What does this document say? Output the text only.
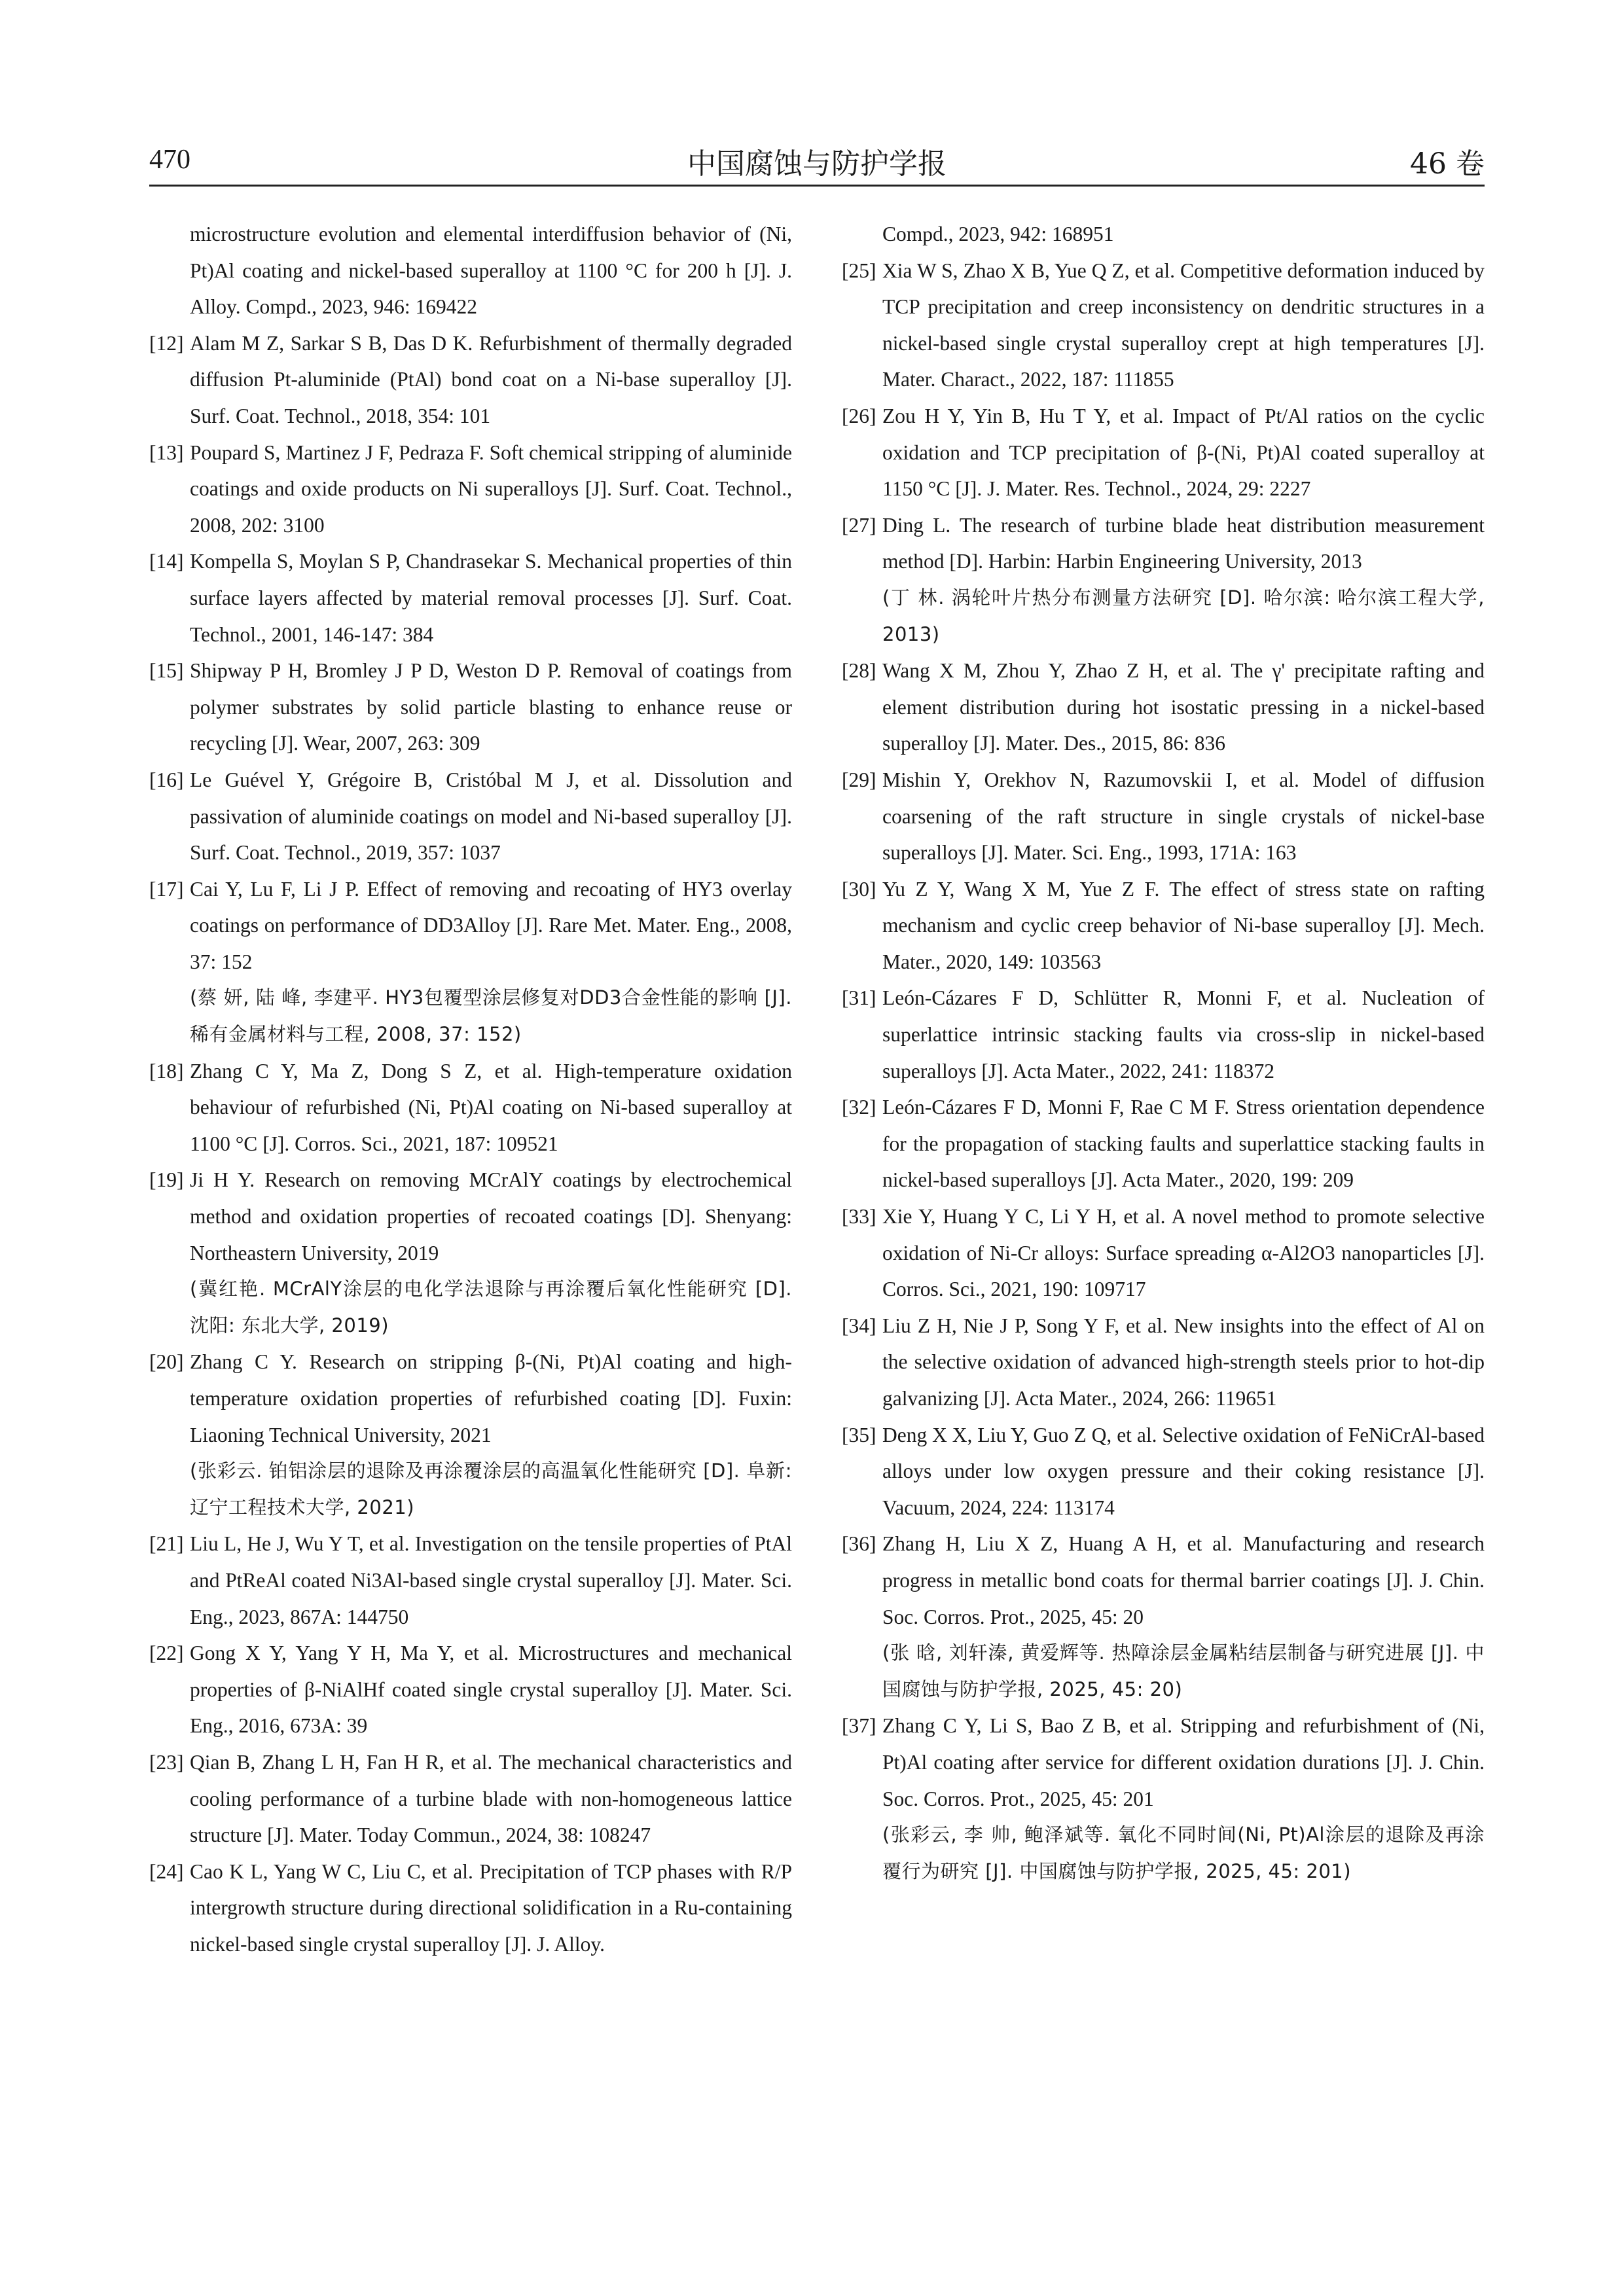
470	中国腐蚀与防护学报	46 卷
microstructure evolution and elemental interdiffusion behavior of (Ni, Pt)Al coating and nickel-based superalloy at 1100 °C for 200 h [J]. J. Alloy. Compd., 2023, 946: 169422
[12] Alam M Z, Sarkar S B, Das D K. Refurbishment of thermally degraded diffusion Pt-aluminide (PtAl) bond coat on a Ni-base superalloy [J]. Surf. Coat. Technol., 2018, 354: 101
[13] Poupard S, Martinez J F, Pedraza F. Soft chemical stripping of aluminide coatings and oxide products on Ni superalloys [J]. Surf. Coat. Technol., 2008, 202: 3100
[14] Kompella S, Moylan S P, Chandrasekar S. Mechanical properties of thin surface layers affected by material removal processes [J]. Surf. Coat. Technol., 2001, 146-147: 384
[15] Shipway P H, Bromley J P D, Weston D P. Removal of coatings from polymer substrates by solid particle blasting to enhance reuse or recycling [J]. Wear, 2007, 263: 309
[16] Le Guével Y, Grégoire B, Cristóbal M J, et al. Dissolution and passivation of aluminide coatings on model and Ni-based superalloy [J]. Surf. Coat. Technol., 2019, 357: 1037
[17] Cai Y, Lu F, Li J P. Effect of removing and recoating of HY3 overlay coatings on performance of DD3Alloy [J]. Rare Met. Mater. Eng., 2008, 37: 152
(蔡 妍, 陆 峰, 李建平. HY3包覆型涂层修复对DD3合金性能的影响 [J]. 稀有金属材料与工程, 2008, 37: 152)
[18] Zhang C Y, Ma Z, Dong S Z, et al. High-temperature oxidation behaviour of refurbished (Ni, Pt)Al coating on Ni-based superalloy at 1100 °C [J]. Corros. Sci., 2021, 187: 109521
[19] Ji H Y. Research on removing MCrAlY coatings by electrochemical method and oxidation properties of recoated coatings [D]. Shenyang: Northeastern University, 2019
(冀红艳. MCrAlY涂层的电化学法退除与再涂覆后氧化性能研究 [D]. 沈阳: 东北大学, 2019)
[20] Zhang C Y. Research on stripping β-(Ni, Pt)Al coating and high-temperature oxidation properties of refurbished coating [D]. Fuxin: Liaoning Technical University, 2021
(张彩云. 铂铝涂层的退除及再涂覆涂层的高温氧化性能研究 [D]. 阜新: 辽宁工程技术大学, 2021)
[21] Liu L, He J, Wu Y T, et al. Investigation on the tensile properties of PtAl and PtReAl coated Ni3Al-based single crystal superalloy [J]. Mater. Sci. Eng., 2023, 867A: 144750
[22] Gong X Y, Yang Y H, Ma Y, et al. Microstructures and mechanical properties of β-NiAlHf coated single crystal superalloy [J]. Mater. Sci. Eng., 2016, 673A: 39
[23] Qian B, Zhang L H, Fan H R, et al. The mechanical characteristics and cooling performance of a turbine blade with non-homogeneous lattice structure [J]. Mater. Today Commun., 2024, 38: 108247
[24] Cao K L, Yang W C, Liu C, et al. Precipitation of TCP phases with R/P intergrowth structure during directional solidification in a Ru-containing nickel-based single crystal superalloy [J]. J. Alloy.
Compd., 2023, 942: 168951
[25] Xia W S, Zhao X B, Yue Q Z, et al. Competitive deformation induced by TCP precipitation and creep inconsistency on dendritic structures in a nickel-based single crystal superalloy crept at high temperatures [J]. Mater. Charact., 2022, 187: 111855
[26] Zou H Y, Yin B, Hu T Y, et al. Impact of Pt/Al ratios on the cyclic oxidation and TCP precipitation of β-(Ni, Pt)Al coated superalloy at 1150 °C [J]. J. Mater. Res. Technol., 2024, 29: 2227
[27] Ding L. The research of turbine blade heat distribution measurement method [D]. Harbin: Harbin Engineering University, 2013
(丁 林. 涡轮叶片热分布测量方法研究 [D]. 哈尔滨: 哈尔滨工程大学, 2013)
[28] Wang X M, Zhou Y, Zhao Z H, et al. The γ' precipitate rafting and element distribution during hot isostatic pressing in a nickel-based superalloy [J]. Mater. Des., 2015, 86: 836
[29] Mishin Y, Orekhov N, Razumovskii I, et al. Model of diffusion coarsening of the raft structure in single crystals of nickel-base superalloys [J]. Mater. Sci. Eng., 1993, 171A: 163
[30] Yu Z Y, Wang X M, Yue Z F. The effect of stress state on rafting mechanism and cyclic creep behavior of Ni-base superalloy [J]. Mech. Mater., 2020, 149: 103563
[31] León-Cázares F D, Schlütter R, Monni F, et al. Nucleation of superlattice intrinsic stacking faults via cross-slip in nickel-based superalloys [J]. Acta Mater., 2022, 241: 118372
[32] León-Cázares F D, Monni F, Rae C M F. Stress orientation dependence for the propagation of stacking faults and superlattice stacking faults in nickel-based superalloys [J]. Acta Mater., 2020, 199: 209
[33] Xie Y, Huang Y C, Li Y H, et al. A novel method to promote selective oxidation of Ni-Cr alloys: Surface spreading α-Al2O3 nanoparticles [J]. Corros. Sci., 2021, 190: 109717
[34] Liu Z H, Nie J P, Song Y F, et al. New insights into the effect of Al on the selective oxidation of advanced high-strength steels prior to hot-dip galvanizing [J]. Acta Mater., 2024, 266: 119651
[35] Deng X X, Liu Y, Guo Z Q, et al. Selective oxidation of FeNiCrAl-based alloys under low oxygen pressure and their coking resistance [J]. Vacuum, 2024, 224: 113174
[36] Zhang H, Liu X Z, Huang A H, et al. Manufacturing and research progress in metallic bond coats for thermal barrier coatings [J]. J. Chin. Soc. Corros. Prot., 2025, 45: 20
(张 晗, 刘轩溱, 黄爱辉等. 热障涂层金属粘结层制备与研究进展 [J]. 中国腐蚀与防护学报, 2025, 45: 20)
[37] Zhang C Y, Li S, Bao Z B, et al. Stripping and refurbishment of (Ni, Pt)Al coating after service for different oxidation durations [J]. J. Chin. Soc. Corros. Prot., 2025, 45: 201
(张彩云, 李 帅, 鲍泽斌等. 氧化不同时间(Ni, Pt)Al涂层的退除及再涂覆行为研究 [J]. 中国腐蚀与防护学报, 2025, 45: 201)
